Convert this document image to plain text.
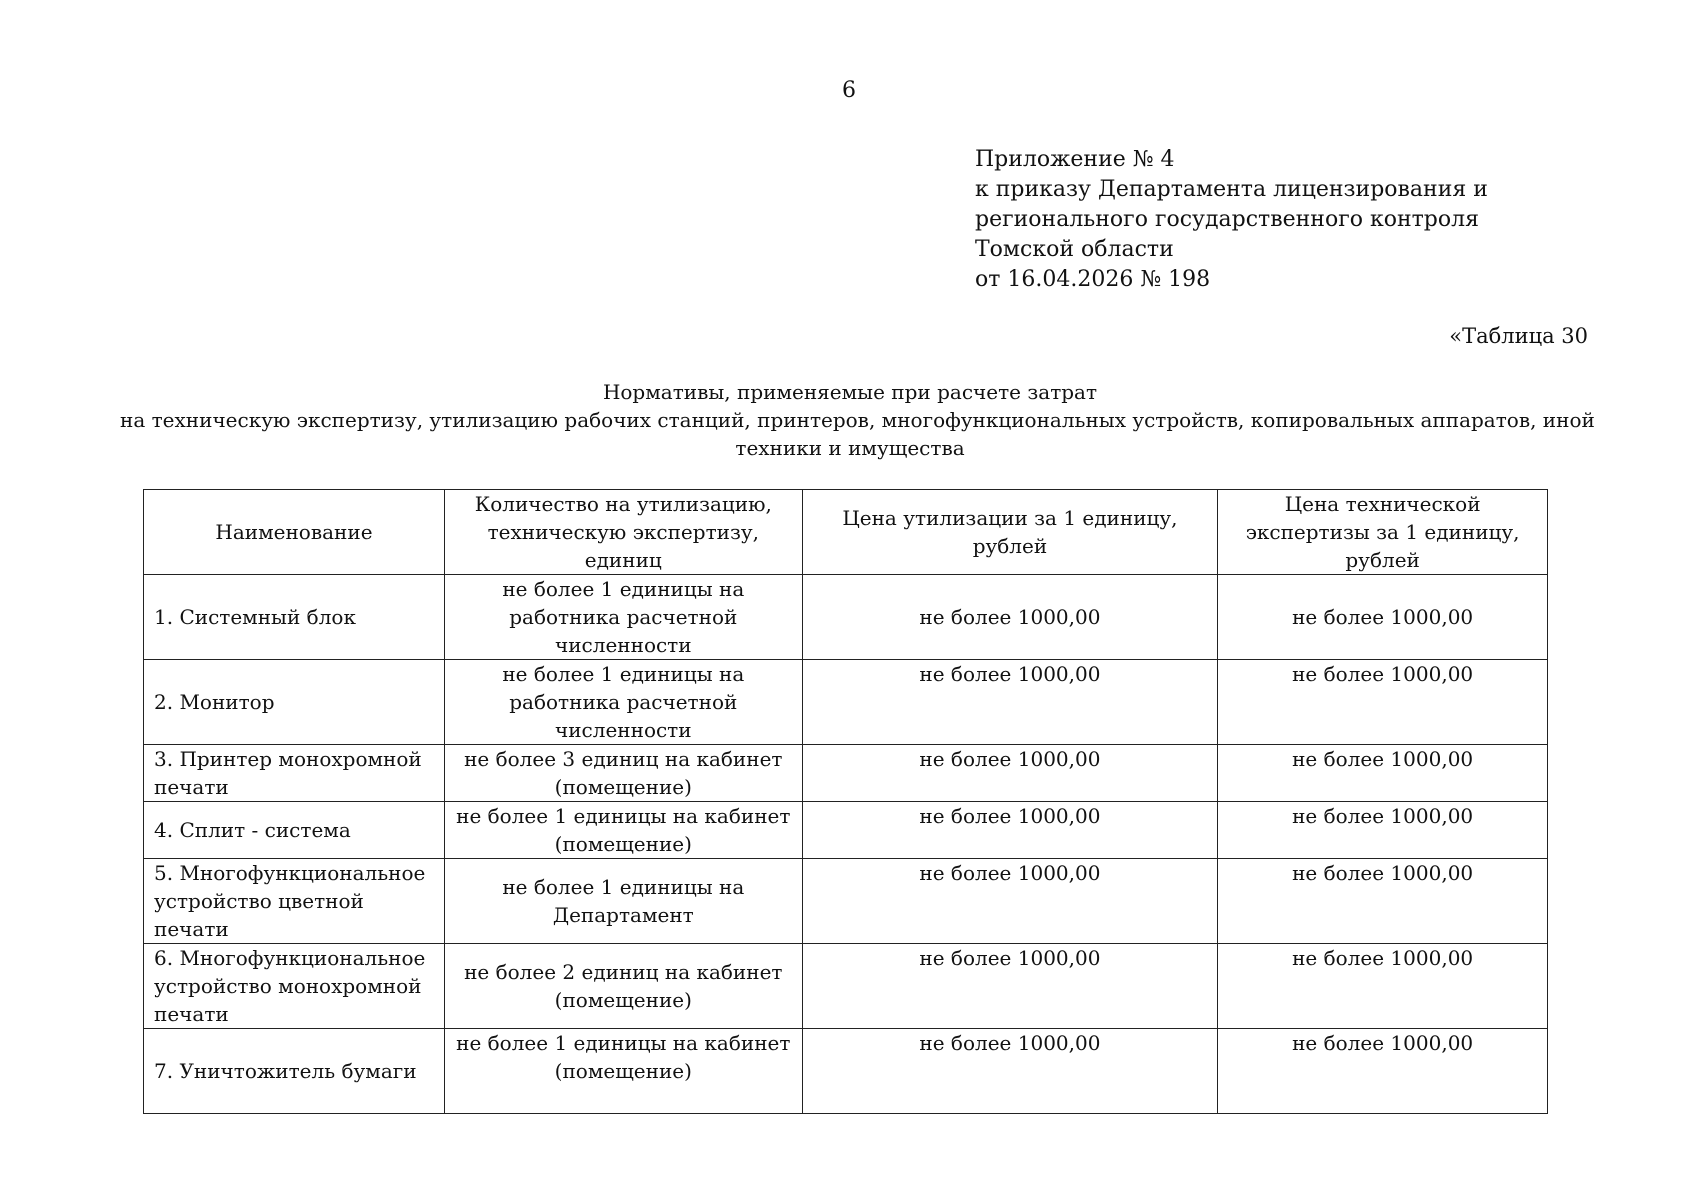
6
Приложение № 4
к приказу Департамента лицензирования и
регионального государственного контроля
Томской области
от 16.04.2026 № 198
«Таблица 30
Нормативы, применяемые при расчете затрат
на техническую экспертизу, утилизацию рабочих станций, принтеров, многофункциональных устройств, копировальных аппаратов, иной
техники и имущества
Наименование	Количество на утилизацию, техническую экспертизу, единиц	Цена утилизации за 1 единицу, рублей	Цена технической экспертизы за 1 единицу, рублей
1. Системный блок	не более 1 единицы на работника расчетной численности	не более 1000,00	не более 1000,00
2. Монитор	не более 1 единицы на работника расчетной численности	не более 1000,00	не более 1000,00
3. Принтер монохромной печати	не более 3 единиц на кабинет (помещение)	не более 1000,00	не более 1000,00
4. Сплит - система	не более 1 единицы на кабинет (помещение)	не более 1000,00	не более 1000,00
5. Многофункциональное устройство цветной печати	не более 1 единицы на Департамент	не более 1000,00	не более 1000,00
6. Многофункциональное устройство монохромной печати	не более 2 единиц на кабинет (помещение)	не более 1000,00	не более 1000,00
7. Уничтожитель бумаги	не более 1 единицы на кабинет (помещение)	не более 1000,00	не более 1000,00
